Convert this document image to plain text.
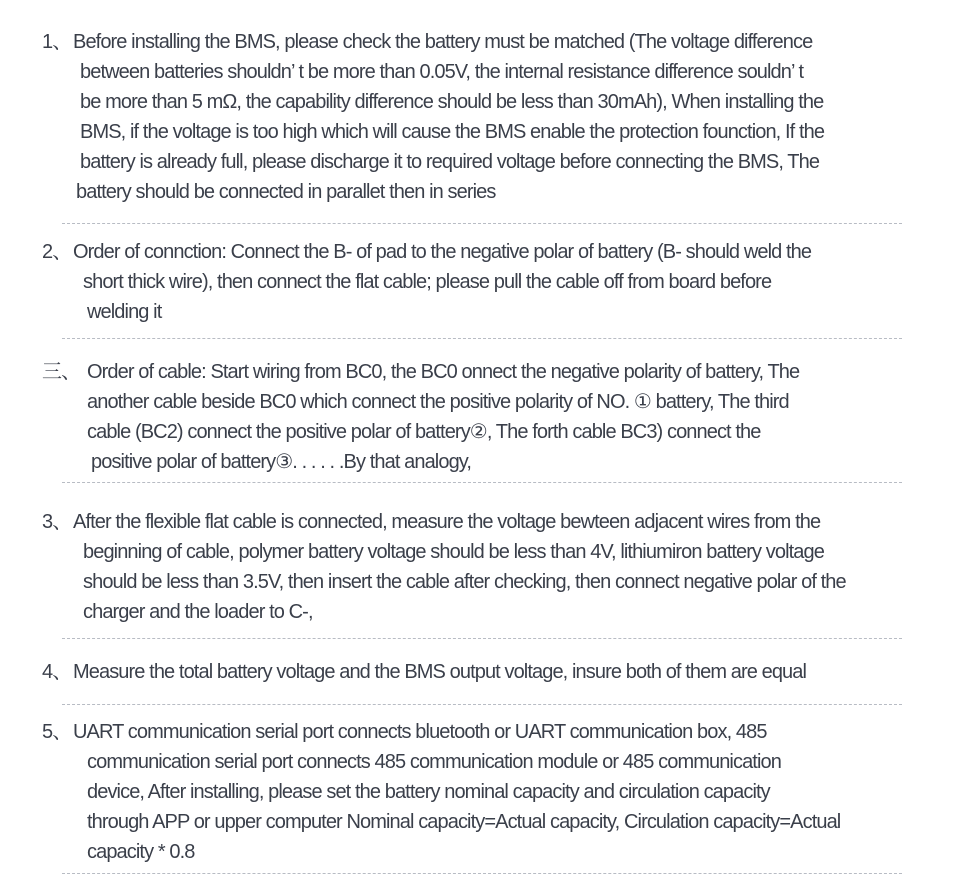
1、 Before installing the BMS, please check the battery must be matched (The voltage difference
between batteries shouldn’ t be more than 0.05V, the internal resistance difference souldn’ t
be more than 5 mΩ, the capability difference should be less than 30mAh), When installing the
BMS, if the voltage is too high which will cause the BMS enable the protection founction, If the
battery is already full, please discharge it to required voltage before connecting the BMS, The
battery should be connected in parallet then in series
2、 Order of connction: Connect the B- of pad to the negative polar of battery (B- should weld the
short thick wire), then connect the flat cable; please pull the cable off from board before
welding it
三、 Order of cable: Start wiring from BC0, the BC0 onnect the negative polarity of battery, The
another cable beside BC0 which connect the positive polarity of NO. ① battery, The third
cable (BC2) connect the positive polar of battery②, The forth cable BC3) connect the
positive polar of battery③. . . . . .By that analogy,
3、 After the flexible flat cable is connected, measure the voltage bewteen adjacent wires from the
beginning of cable, polymer battery voltage should be less than 4V, lithiumiron battery voltage
should be less than 3.5V, then insert the cable after checking, then connect negative polar of the
charger and the loader to C-,
4、 Measure the total battery voltage and the BMS output voltage, insure both of them are equal
5、 UART communication serial port connects bluetooth or UART communication box, 485
communication serial port connects 485 communication module or 485 communication
device, After installing, please set the battery nominal capacity and circulation capacity
through APP or upper computer Nominal capacity=Actual capacity, Circulation capacity=Actual
capacity * 0.8
